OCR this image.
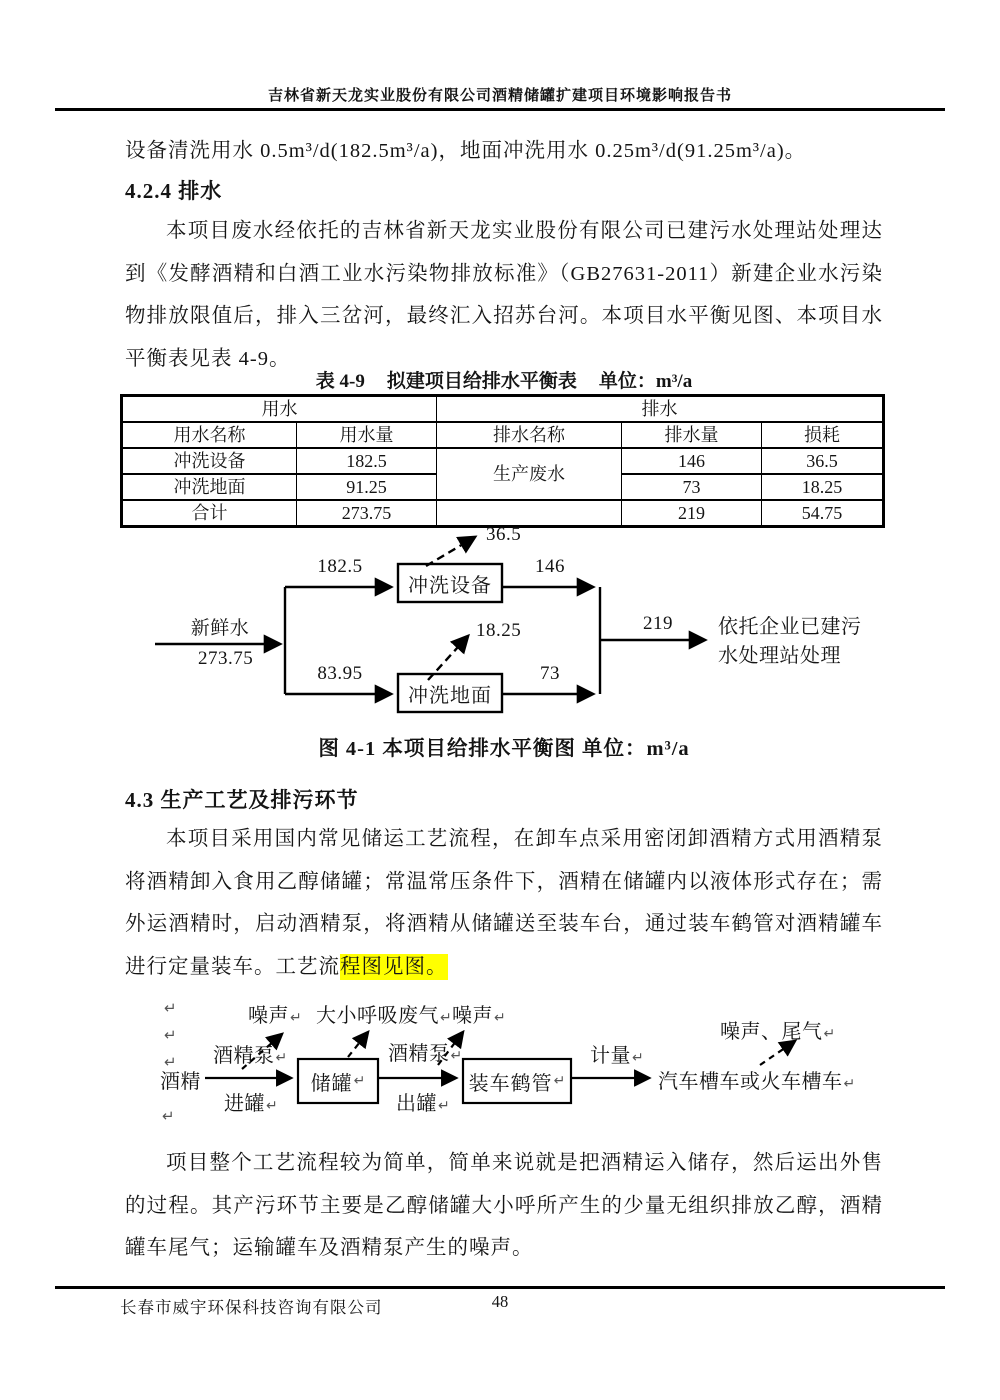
吉林省新天龙实业股份有限公司酒精储罐扩建项目环境影响报告书
设备清洗用水 0.5m³/d(182.5m³/a)，地面冲洗用水 0.25m³/d(91.25m³/a)。
4.2.4 排水
本项目废水经依托的吉林省新天龙实业股份有限公司已建污水处理站处理达到《发酵酒精和白酒工业水污染物排放标准》（GB27631-2011）新建企业水污染物排放限值后，排入三岔河，最终汇入招苏台河。本项目水平衡见图、本项目水平衡表见表 4-9。
表 4-9 拟建项目给排水平衡表 单位：m³/a
用水		排水		
用水名称	用水量	排水名称	排水量	损耗
冲洗设备	182.5	生产废水	146	36.5
冲洗地面	91.25		73	18.25
合计	273.75		219	54.75
新鲜水
273.75
182.5
冲洗设备
146
36.5
18.25
83.95
冲洗地面
73
219	依托企业已建污
水处理站处理
图 4-1 本项目给排水平衡图 单位：m³/a
4.3 生产工艺及排污环节
本项目采用国内常见储运工艺流程，在卸车点采用密闭卸酒精方式用酒精泵将酒精卸入食用乙醇储罐；常温常压条件下，酒精在储罐内以液体形式存在；需外运酒精时，启动酒精泵，将酒精从储罐送至装车台，通过装车鹤管对酒精罐车进行定量装车。工艺流程图见图。
↵
↵
↵
↵
酒精
酒精泵↵
进罐↵
噪声↵
储罐 ↵
大小呼吸废气↵
酒精泵↵
出罐↵
噪声↵
装车鹤管 ↵
计量↵
汽车槽车或火车槽车↵
噪声、尾气↵
项目整个工艺流程较为简单，简单来说就是把酒精运入储存，然后运出外售的过程。其产污环节主要是乙醇储罐大小呼所产生的少量无组织排放乙醇，酒精罐车尾气；运输罐车及酒精泵产生的噪声。
长春市威宇环保科技咨询有限公司	48
